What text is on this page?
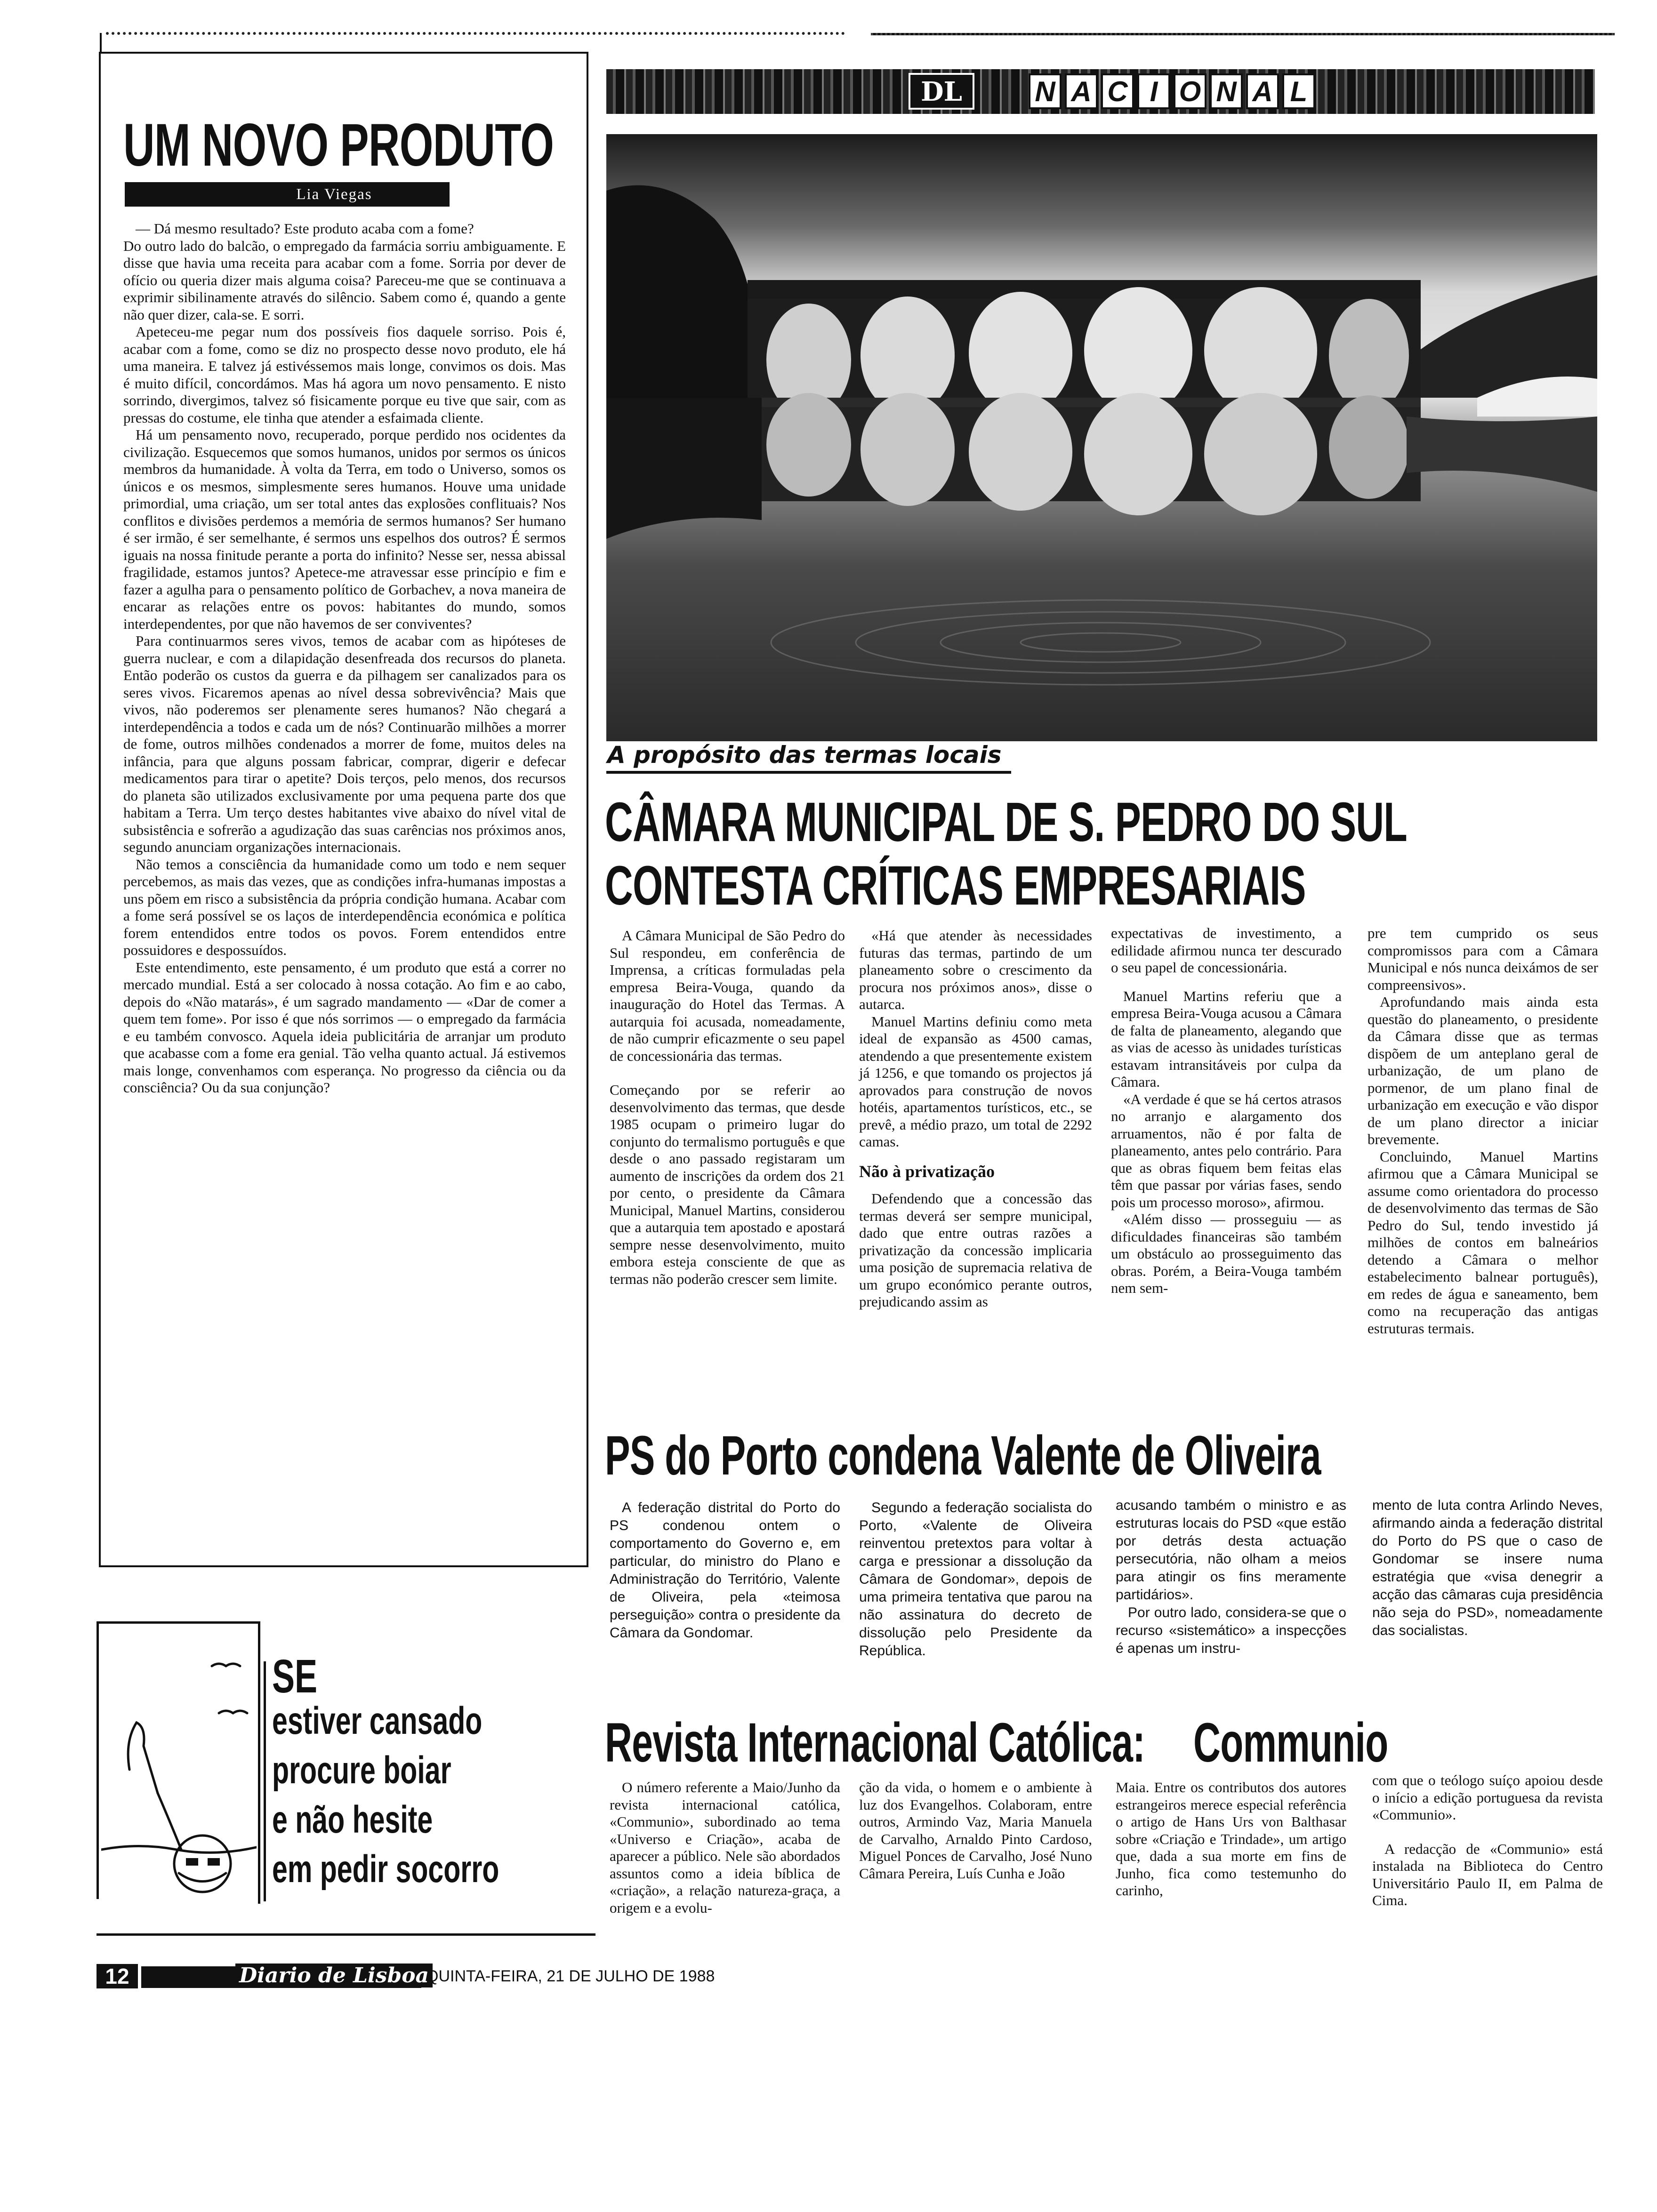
UM NOVO PRODUTO
Lia Viegas

— Dá mesmo resultado? Este produto acaba com a fome?

Do outro lado do balcão, o empregado da farmácia sorriu ambiguamente. E disse que havia uma receita para acabar com a fome. Sorria por dever de ofício ou queria dizer mais alguma coisa? Pareceu-me que se continuava a exprimir sibilinamente através do silêncio. Sabem como é, quando a gente não quer dizer, cala-se. E sorri.

Apeteceu-me pegar num dos possíveis fios daquele sorriso. Pois é, acabar com a fome, como se diz no prospecto desse novo produto, ele há uma maneira. E talvez já estivéssemos mais longe, convimos os dois. Mas é muito difícil, concordámos. Mas há agora um novo pensamento. E nisto sorrindo, divergimos, talvez só fisicamente porque eu tive que sair, com as pressas do costume, ele tinha que atender a esfaimada cliente.

Há um pensamento novo, recuperado, porque perdido nos ocidentes da civilização. Esquecemos que somos humanos, unidos por sermos os únicos membros da humanidade. À volta da Terra, em todo o Universo, somos os únicos e os mesmos, simplesmente seres humanos. Houve uma unidade primordial, uma criação, um ser total antes das explosões conflituais? Nos conflitos e divisões perdemos a memória de sermos humanos? Ser humano é ser irmão, é ser semelhante, é sermos uns espelhos dos outros? É sermos iguais na nossa finitude perante a porta do infinito? Nesse ser, nessa abissal fragilidade, estamos juntos? Apetece-me atravessar esse princípio e fim e fazer a agulha para o pensamento político de Gorbachev, a nova maneira de encarar as relações entre os povos: habitantes do mundo, somos interdependentes, por que não havemos de ser conviventes?

Para continuarmos seres vivos, temos de acabar com as hipóteses de guerra nuclear, e com a dilapidação desenfreada dos recursos do planeta. Então poderão os custos da guerra e da pilhagem ser canalizados para os seres vivos. Ficaremos apenas ao nível dessa sobrevivência? Mais que vivos, não poderemos ser plenamente seres humanos? Não chegará a interdependência a todos e cada um de nós? Continuarão milhões a morrer de fome, outros milhões condenados a morrer de fome, muitos deles na infância, para que alguns possam fabricar, comprar, digerir e defecar medicamentos para tirar o apetite? Dois terços, pelo menos, dos recursos do planeta são utilizados exclusivamente por uma pequena parte dos que habitam a Terra. Um terço destes habitantes vive abaixo do nível vital de subsistência e sofrerão a agudização das suas carências nos próximos anos, segundo anunciam organizações internacionais.

Não temos a consciência da humanidade como um todo e nem sequer percebemos, as mais das vezes, que as condições infra-humanas impostas a uns põem em risco a subsistência da própria condição humana. Acabar com a fome será possível se os laços de interdependência económica e política forem entendidos entre todos os povos. Forem entendidos entre possuidores e despossuídos.

Este entendimento, este pensamento, é um produto que está a correr no mercado mundial. Está a ser colocado à nossa cotação. Ao fim e ao cabo, depois do «Não matarás», é um sagrado mandamento — «Dar de comer a quem tem fome». Por isso é que nós sorrimos — o empregado da farmácia e eu também convosco. Aquela ideia publicitária de arranjar um produto que acabasse com a fome era genial. Tão velha quanto actual. Já estivemos mais longe, convenhamos com esperança. No progresso da ciência ou da consciência? Ou da sua conjunção?

DL	N A C I O N A L
A propósito das termas locais
CÂMARA MUNICIPAL DE S. PEDRO DO SUL
CONTESTA CRÍTICAS EMPRESARIAIS

A Câmara Municipal de São Pedro do Sul respondeu, em conferência de Imprensa, a críticas formuladas pela empresa Beira-Vouga, quando da inauguração do Hotel das Termas. A autarquia foi acusada, nomeadamente, de não cumprir eficazmente o seu papel de concessionária das termas.

Começando por se referir ao desenvolvimento das termas, que desde 1985 ocupam o primeiro lugar do conjunto do termalismo português e que desde o ano passado registaram um aumento de inscrições da ordem dos 21 por cento, o presidente da Câmara Municipal, Manuel Martins, considerou que a autarquia tem apostado e apostará sempre nesse desenvolvimento, muito embora esteja consciente de que as termas não poderão crescer sem limite.

«Há que atender às necessidades futuras das termas, partindo de um planeamento sobre o crescimento da procura nos próximos anos», disse o autarca.

Manuel Martins definiu como meta ideal de expansão as 4500 camas, atendendo a que presentemente existem já 1256, e que tomando os projectos já aprovados para construção de novos hotéis, apartamentos turísticos, etc., se prevê, a médio prazo, um total de 2292 camas.

Não à privatização

Defendendo que a concessão das termas deverá ser sempre municipal, dado que entre outras razões a privatização da concessão implicaria uma posição de supremacia relativa de um grupo económico perante outros, prejudicando assim as

expectativas de investimento, a edilidade afirmou nunca ter descurado o seu papel de concessionária.

Manuel Martins referiu que a empresa Beira-Vouga acusou a Câmara de falta de planeamento, alegando que as vias de acesso às unidades turísticas estavam intransitáveis por culpa da Câmara.

«A verdade é que se há certos atrasos no arranjo e alargamento dos arruamentos, não é por falta de planeamento, antes pelo contrário. Para que as obras fiquem bem feitas elas têm que passar por várias fases, sendo pois um processo moroso», afirmou.

«Além disso — prosseguiu — as dificuldades financeiras são também um obstáculo ao prosseguimento das obras. Porém, a Beira-Vouga também nem sem-

pre tem cumprido os seus compromissos para com a Câmara Municipal e nós nunca deixámos de ser compreensivos».

Aprofundando mais ainda esta questão do planeamento, o presidente da Câmara disse que as termas dispõem de um anteplano geral de urbanização, de um plano de pormenor, de um plano final de urbanização em execução e vão dispor de um plano director a iniciar brevemente.

Concluindo, Manuel Martins afirmou que a Câmara Municipal se assume como orientadora do processo de desenvolvimento das termas de São Pedro do Sul, tendo investido já milhões de contos em balneários detendo a Câmara o melhor estabelecimento balnear português), em redes de água e saneamento, bem como na recuperação das antigas estruturas termais.

PS do Porto condena Valente de Oliveira

A federação distrital do Porto do PS condenou ontem o comportamento do Governo e, em particular, do ministro do Plano e Administração do Território, Valente de Oliveira, pela «teimosa perseguição» contra o presidente da Câmara da Gondomar.

Segundo a federação socialista do Porto, «Valente de Oliveira reinventou pretextos para voltar à carga e pressionar a dissolução da Câmara de Gondomar», depois de uma primeira tentativa que parou na não assinatura do decreto de dissolução pelo Presidente da República.

acusando também o ministro e as estruturas locais do PSD «que estão por detrás desta actuação persecutória, não olham a meios para atingir os fins meramente partidários».

Por outro lado, considera-se que o recurso «sistemático» a inspecções é apenas um instru-

mento de luta contra Arlindo Neves, afirmando ainda a federação distrital do Porto do PS que o caso de Gondomar se insere numa estratégia que «visa denegrir a acção das câmaras cuja presidência não seja do PSD», nomeadamente das socialistas.

Revista Internacional Católica: Communio

O número referente a Maio/Junho da revista internacional católica, «Communio», subordinado ao tema «Universo e Criação», acaba de aparecer a público. Nele são abordados assuntos como a ideia bíblica de «criação», a relação natureza-graça, a origem e a evolu-

ção da vida, o homem e o ambiente à luz dos Evangelhos. Colaboram, entre outros, Armindo Vaz, Maria Manuela de Carvalho, Arnaldo Pinto Cardoso, Miguel Ponces de Carvalho, José Nuno Câmara Pereira, Luís Cunha e João

Maia. Entre os contributos dos autores estrangeiros merece especial referência o artigo de Hans Urs von Balthasar sobre «Criação e Trindade», um artigo que, dada a sua morte em fins de Junho, fica como testemunho do carinho,

com que o teólogo suíço apoiou desde o início a edição portuguesa da revista «Communio».

A redacção de «Communio» está instalada na Biblioteca do Centro Universitário Paulo II, em Palma de Cima.

SE
estiver cansado
procure boiar
e não hesite
em pedir socorro
12	Diario de Lisboa
QUINTA-FEIRA, 21 DE JULHO DE 1988
